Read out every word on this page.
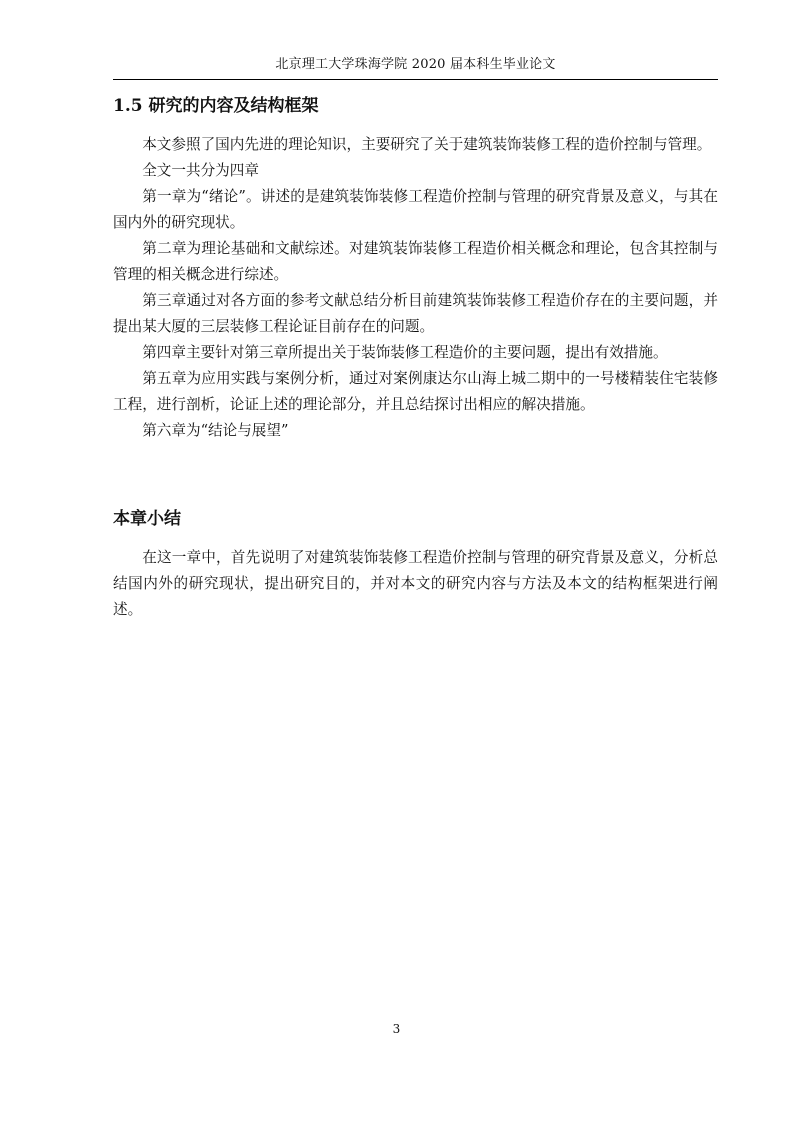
北京理工大学珠海学院 2020 届本科生毕业论文
1.5 研究的内容及结构框架

本文参照了国内先进的理论知识，主要研究了关于建筑装饰装修工程的造价控制与管理。

全文一共分为四章

第一章为“绪论”。讲述的是建筑装饰装修工程造价控制与管理的研究背景及意义，与其在国内外的研究现状。

第二章为理论基础和文献综述。对建筑装饰装修工程造价相关概念和理论，包含其控制与管理的相关概念进行综述。

第三章通过对各方面的参考文献总结分析目前建筑装饰装修工程造价存在的主要问题，并提出某大厦的三层装修工程论证目前存在的问题。

第四章主要针对第三章所提出关于装饰装修工程造价的主要问题，提出有效措施。

第五章为应用实践与案例分析，通过对案例康达尔山海上城二期中的一号楼精装住宅装修工程，进行剖析，论证上述的理论部分，并且总结探讨出相应的解决措施。

第六章为“结论与展望”

本章小结

在这一章中，首先说明了对建筑装饰装修工程造价控制与管理的研究背景及意义，分析总结国内外的研究现状，提出研究目的，并对本文的研究内容与方法及本文的结构框架进行阐述。

3
